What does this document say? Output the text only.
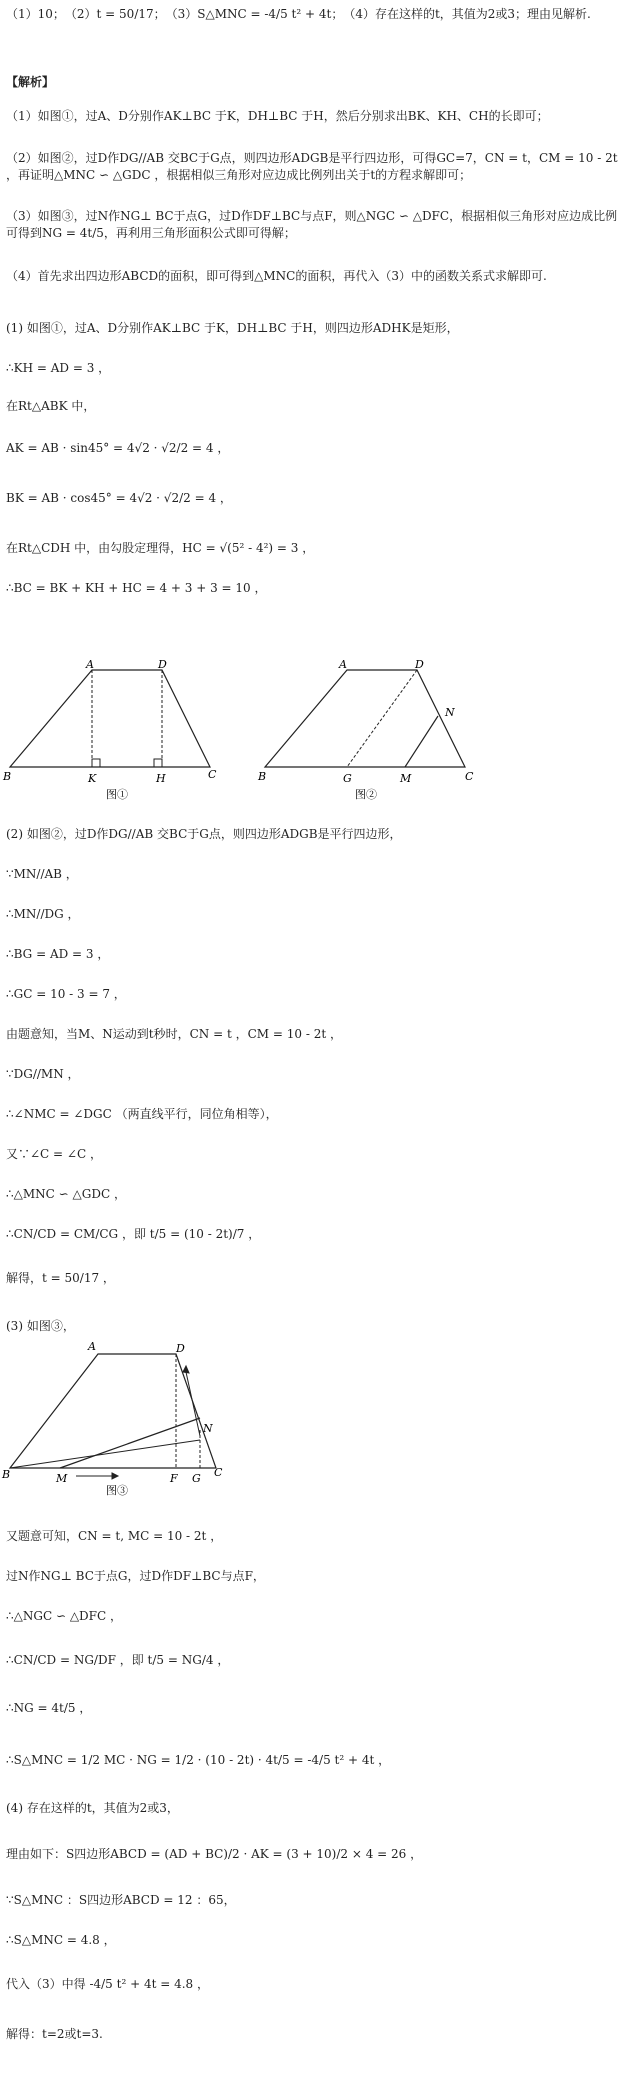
（1）10；　（2）t = 50/17；　（3）S△MNC = -4/5 t² + 4t；　（4）存在这样的t，其值为2或3；理由见解析.
【解析】
（1）如图①，过A、D分别作AK⊥BC 于K，DH⊥BC 于H，然后分别求出BK、KH、CH的长即可；
（2）如图②，过D作DG//AB 交BC于G点，则四边形ADGB是平行四边形，可得GC=7，CN = t，CM = 10 - 2t ，再证明△MNC ∽ △GDC ，根据相似三角形对应边成比例列出关于t的方程求解即可；
（3）如图③，过N作NG⊥ BC于点G，过D作DF⊥BC与点F，则△NGC ∽ △DFC，根据相似三角形对应边成比例可得到NG = 4t/5，再利用三角形面积公式即可得解；
（4）首先求出四边形ABCD的面积，即可得到△MNC的面积，再代入（3）中的函数关系式求解即可.
(1) 如图①，过A、D分别作AK⊥BC 于K，DH⊥BC 于H，则四边形ADHK是矩形，
∴KH = AD = 3 ，
在Rt△ABK 中，
AK = AB · sin45° = 4√2 · √2/2 = 4 ，
BK = AB · cos45° = 4√2 · √2/2 = 4 ，
在Rt△CDH 中，由勾股定理得，HC = √(5² - 4²) = 3 ，
∴BC = BK + KH + HC = 4 + 3 + 3 = 10 ，
A	D
B	K	H	C
图①
A	D
N
B	G	M	C
图②
(2) 如图②，过D作DG//AB 交BC于G点，则四边形ADGB是平行四边形，
∵MN//AB ，
∴MN//DG ，
∴BG = AD = 3 ，
∴GC = 10 - 3 = 7 ，
由题意知，当M、N运动到t秒时，CN = t ，CM = 10 - 2t ，
∵DG//MN ，
∴∠NMC = ∠DGC （两直线平行，同位角相等），
又∵∠C = ∠C ，
∴△MNC ∽ △GDC ，
∴CN/CD = CM/CG ，即 t/5 = (10 - 2t)/7 ，
解得，t = 50/17 ，
(3) 如图③，
A	D
N
B	M	F G C
图③
又题意可知，CN = t, MC = 10 - 2t ，
过N作NG⊥ BC于点G，过D作DF⊥BC与点F，
∴△NGC ∽ △DFC ，
∴CN/CD = NG/DF ，即 t/5 = NG/4 ，
∴NG = 4t/5 ，
∴S△MNC = 1/2 MC · NG = 1/2 · (10 - 2t) · 4t/5 = -4/5 t² + 4t ，
(4) 存在这样的t，其值为2或3，
理由如下：S四边形ABCD = (AD + BC)/2 · AK = (3 + 10)/2 × 4 = 26 ，
∵S△MNC ：S四边形ABCD = 12 ：65，
∴S△MNC = 4.8 ，
代入（3）中得 -4/5 t² + 4t = 4.8 ，
解得：t=2或t=3.
